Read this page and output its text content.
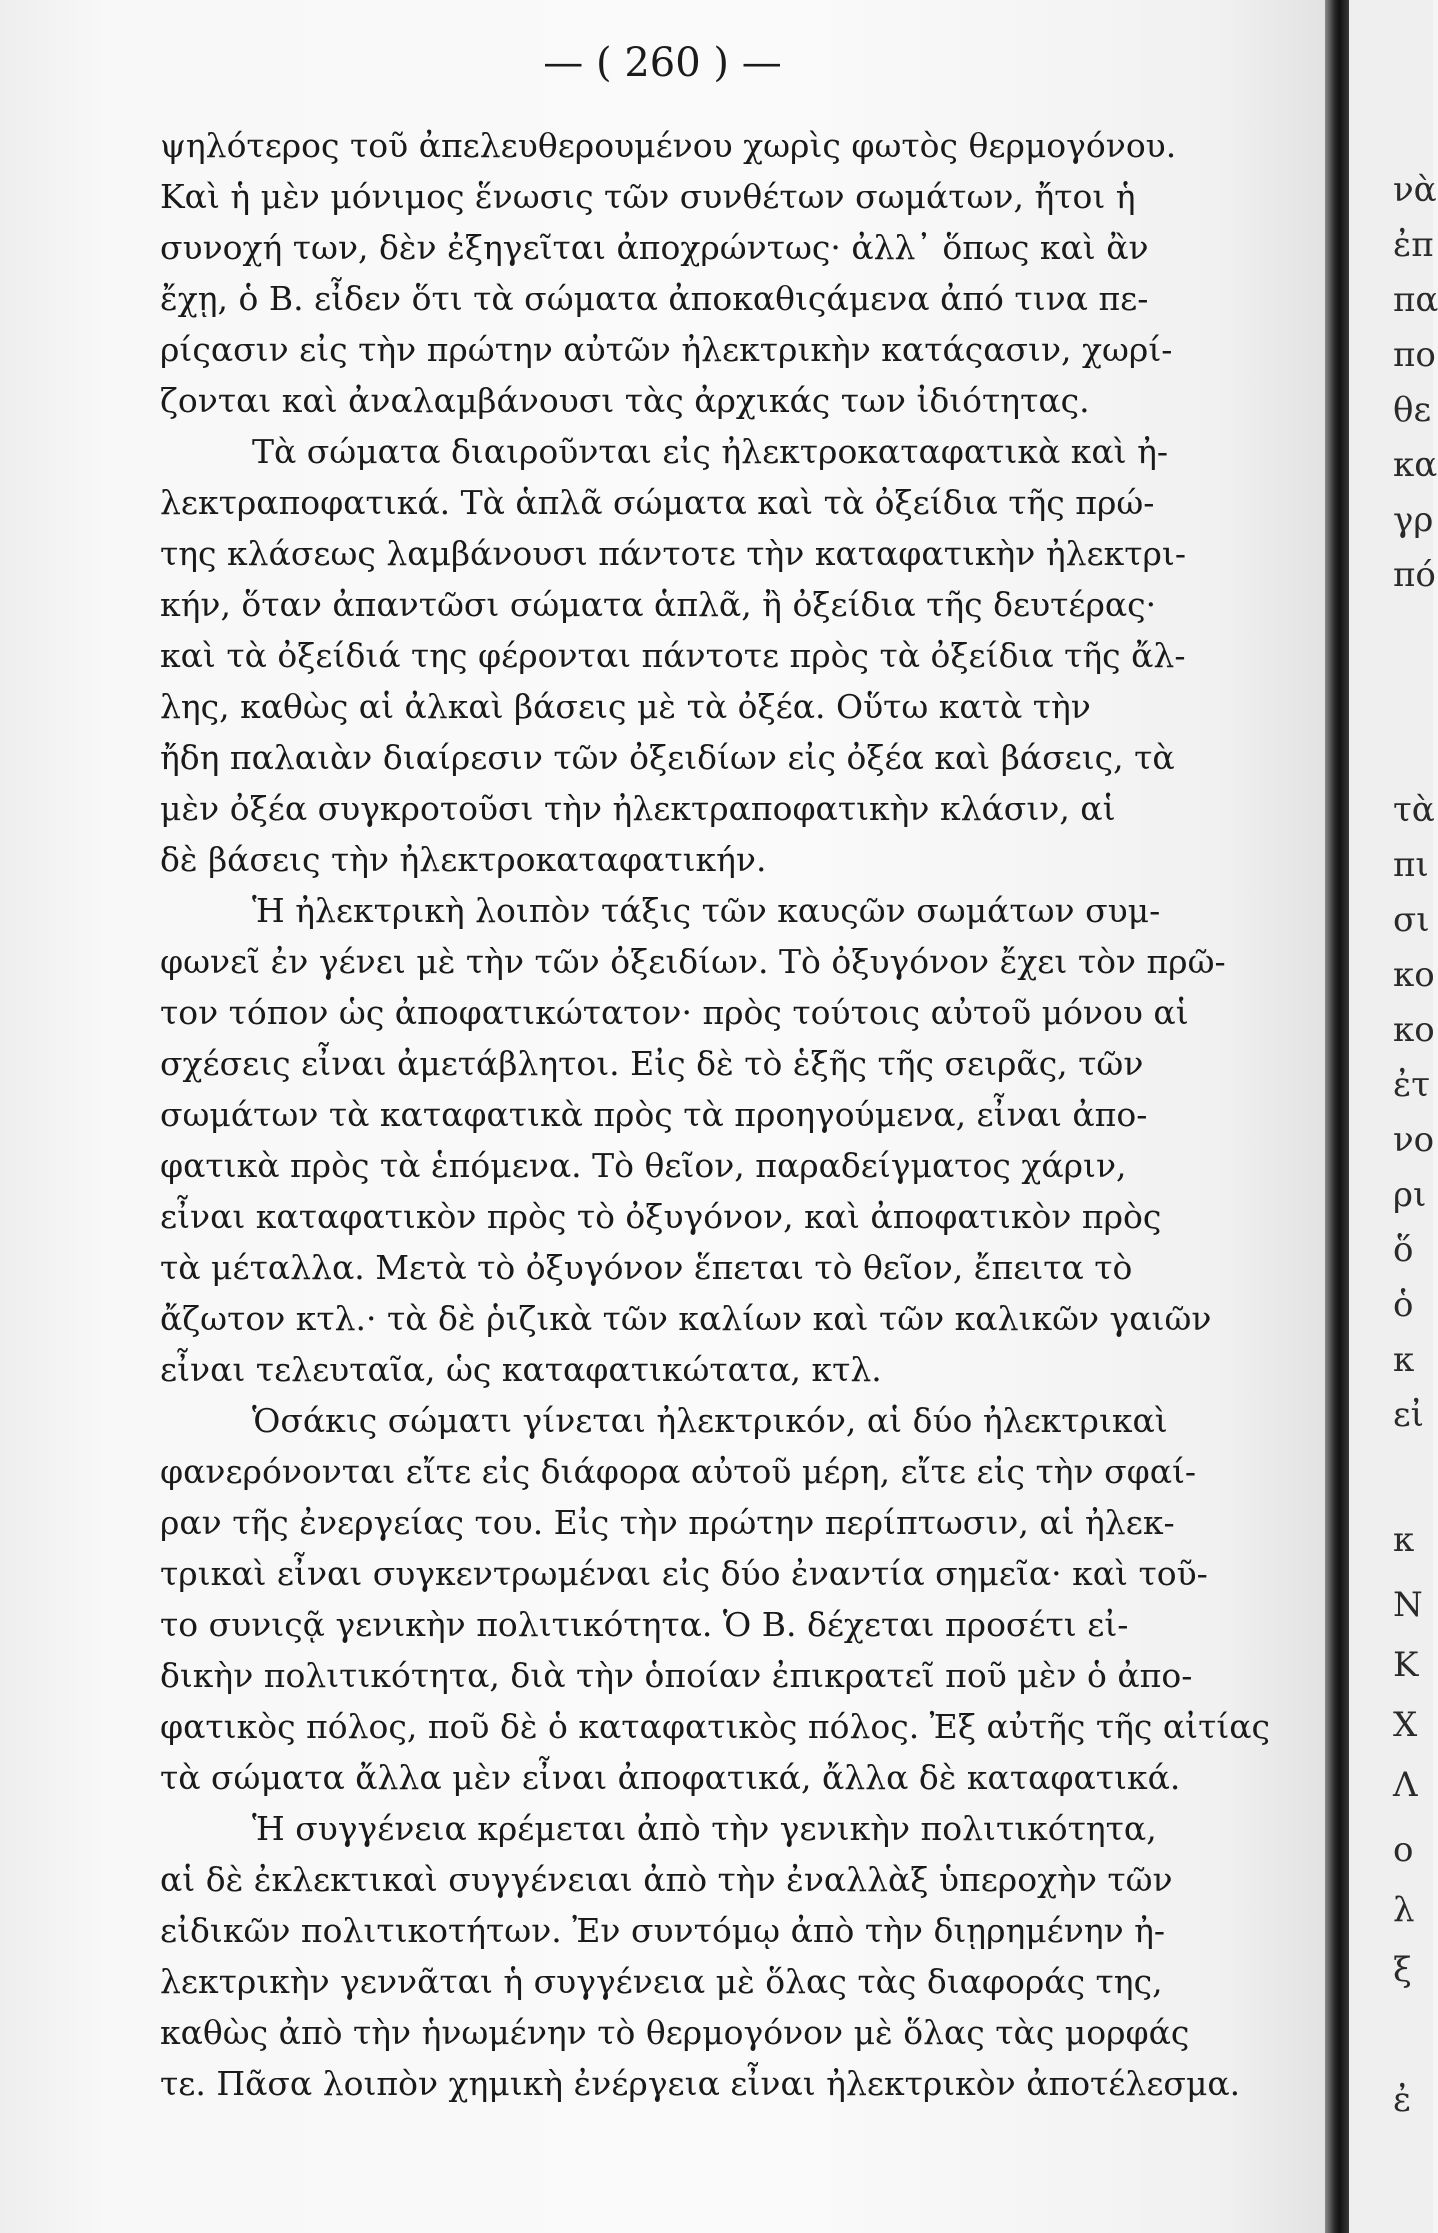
— ( 260 ) —
ψηλότερος τοῦ ἀπελευθερουμένου χωρὶς φωτὸς θερμογόνου.
Καὶ ἡ μὲν μόνιμος ἕνωσις τῶν συνθέτων σωμάτων, ἤτοι ἡ
συνοχή των, δὲν ἐξηγεῖται ἀποχρώντως· ἀλλ᾽ ὅπως καὶ ἂν
ἔχῃ, ὁ Β. εἶδεν ὅτι τὰ σώματα ἀποκαθιςάμενα ἀπό τινα πε-
ρίςασιν εἰς τὴν πρώτην αὐτῶν ἠλεκτρικὴν κατάςασιν, χωρί-
ζονται καὶ ἀναλαμβάνουσι τὰς ἀρχικάς των ἰδιότητας.
Τὰ σώματα διαιροῦνται εἰς ἠλεκτροκαταφατικὰ καὶ ἠ-
λεκτραποφατικά. Τὰ ἁπλᾶ σώματα καὶ τὰ ὀξείδια τῆς πρώ-
της κλάσεως λαμβάνουσι πάντοτε τὴν καταφατικὴν ἠλεκτρι-
κήν, ὅταν ἀπαντῶσι σώματα ἁπλᾶ, ἢ ὀξείδια τῆς δευτέρας·
καὶ τὰ ὀξείδιά της φέρονται πάντοτε πρὸς τὰ ὀξείδια τῆς ἄλ-
λης, καθὼς αἱ ἀλκαὶ βάσεις μὲ τὰ ὀξέα. Οὕτω κατὰ τὴν
ἤδη παλαιὰν διαίρεσιν τῶν ὀξειδίων εἰς ὀξέα καὶ βάσεις, τὰ
μὲν ὀξέα συγκροτοῦσι τὴν ἠλεκτραποφατικὴν κλάσιν, αἱ
δὲ βάσεις τὴν ἠλεκτροκαταφατικήν.
Ἡ ἠλεκτρικὴ λοιπὸν τάξις τῶν καυςῶν σωμάτων συμ-
φωνεῖ ἐν γένει μὲ τὴν τῶν ὀξειδίων. Τὸ ὀξυγόνον ἔχει τὸν πρῶ-
τον τόπον ὡς ἀποφατικώτατον· πρὸς τούτοις αὐτοῦ μόνου αἱ
σχέσεις εἶναι ἀμετάβλητοι. Εἰς δὲ τὸ ἑξῆς τῆς σειρᾶς, τῶν
σωμάτων τὰ καταφατικὰ πρὸς τὰ προηγούμενα, εἶναι ἀπο-
φατικὰ πρὸς τὰ ἑπόμενα. Τὸ θεῖον, παραδείγματος χάριν,
εἶναι καταφατικὸν πρὸς τὸ ὀξυγόνον, καὶ ἀποφατικὸν πρὸς
τὰ μέταλλα. Μετὰ τὸ ὀξυγόνον ἕπεται τὸ θεῖον, ἔπειτα τὸ
ἄζωτον κτλ.· τὰ δὲ ῥιζικὰ τῶν καλίων καὶ τῶν καλικῶν γαιῶν
εἶναι τελευταῖα, ὡς καταφατικώτατα, κτλ.
Ὁσάκις σώματι γίνεται ἠλεκτρικόν, αἱ δύο ἠλεκτρικαὶ
φανερόνονται εἴτε εἰς διάφορα αὐτοῦ μέρη, εἴτε εἰς τὴν σφαί-
ραν τῆς ἐνεργείας του. Εἰς τὴν πρώτην περίπτωσιν, αἱ ἠλεκ-
τρικαὶ εἶναι συγκεντρωμέναι εἰς δύο ἐναντία σημεῖα· καὶ τοῦ-
το συνιςᾷ γενικὴν πολιτικότητα. Ὁ Β. δέχεται προσέτι εἰ-
δικὴν πολιτικότητα, διὰ τὴν ὁποίαν ἐπικρατεῖ ποῦ μὲν ὁ ἀπο-
φατικὸς πόλος, ποῦ δὲ ὁ καταφατικὸς πόλος. Ἐξ αὐτῆς τῆς αἰτίας
τὰ σώματα ἄλλα μὲν εἶναι ἀποφατικά, ἄλλα δὲ καταφατικά.
Ἡ συγγένεια κρέμεται ἀπὸ τὴν γενικὴν πολιτικότητα,
αἱ δὲ ἐκλεκτικαὶ συγγένειαι ἀπὸ τὴν ἐναλλὰξ ὑπεροχὴν τῶν
εἰδικῶν πολιτικοτήτων. Ἐν συντόμῳ ἀπὸ τὴν διῃρημένην ἠ-
λεκτρικὴν γεννᾶται ἡ συγγένεια μὲ ὅλας τὰς διαφοράς της,
καθὼς ἀπὸ τὴν ἡνωμένην τὸ θερμογόνον μὲ ὅλας τὰς μορφάς
τε. Πᾶσα λοιπὸν χημικὴ ἐνέργεια εἶναι ἠλεκτρικὸν ἀποτέλεσμα.
νὰ
ἐπ
πα
πο
θε
κα
γρ
πό
τὰ
πι
σι
κο
κο
ἐτ
νο
ρι
ὅ
ὁ
κ
εἰ
κ
N
K
X
Λ
ο
λ
ξ
ἐ
